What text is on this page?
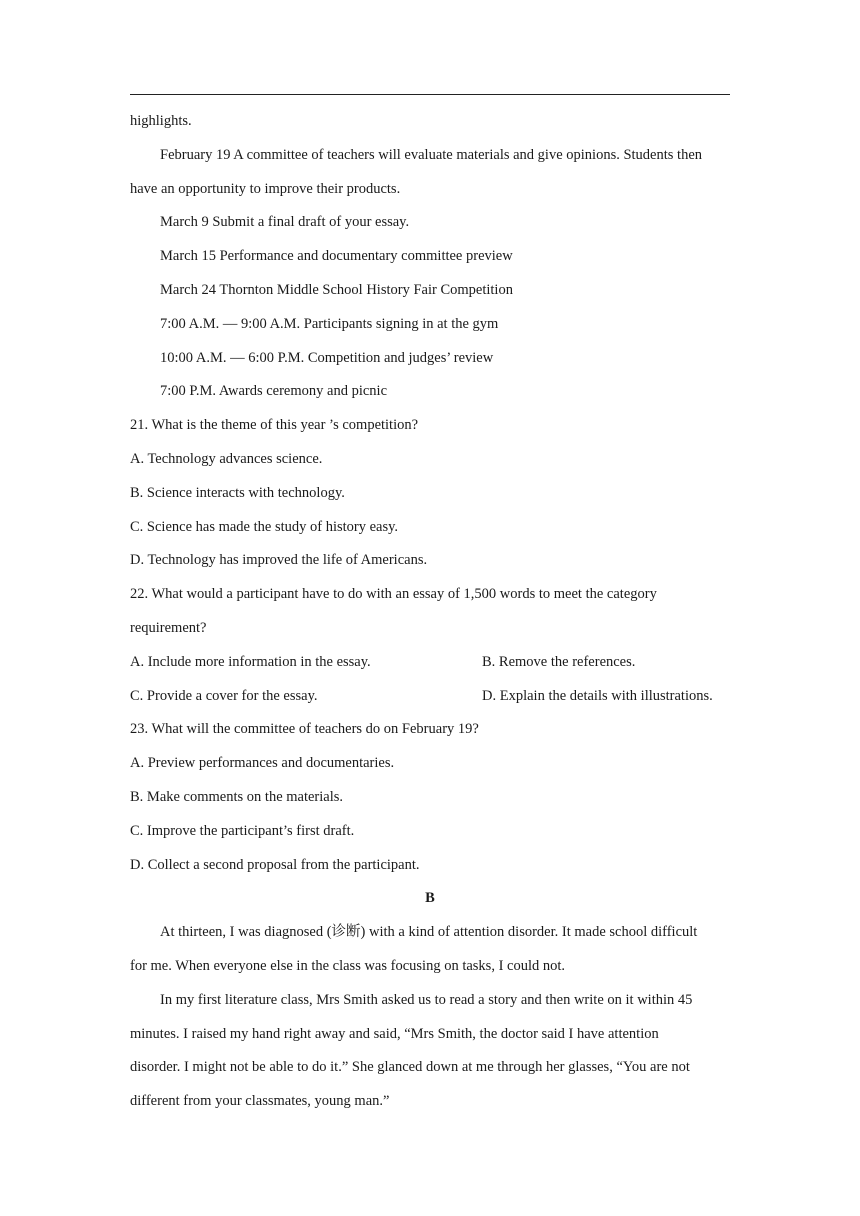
highlights.
February 19 A committee of teachers will evaluate materials and give opinions. Students then
have an opportunity to improve their products.
March 9 Submit a final draft of your essay.
March 15 Performance and documentary committee preview
March 24 Thornton Middle School History Fair Competition
7:00 A.M. — 9:00 A.M. Participants signing in at the gym
10:00 A.M. — 6:00 P.M. Competition and judges’ review
7:00 P.M. Awards ceremony and picnic
21. What is the theme of this year ’s competition?
A. Technology advances science.
B. Science interacts with technology.
C. Science has made the study of history easy.
D. Technology has improved the life of Americans.
22. What would a participant have to do with an essay of 1,500 words to meet the category
requirement?
A. Include more information in the essay.	B. Remove the references.
C. Provide a cover for the essay.	D. Explain the details with illustrations.
23. What will the committee of teachers do on February 19?
A. Preview performances and documentaries.
B. Make comments on the materials.
C. Improve the participant’s first draft.
D. Collect a second proposal from the participant.
B
At thirteen, I was diagnosed (诊断) with a kind of attention disorder. It made school difficult
for me. When everyone else in the class was focusing on tasks, I could not.
In my first literature class, Mrs Smith asked us to read a story and then write on it within 45
minutes. I raised my hand right away and said, “Mrs Smith, the doctor said I have attention
disorder. I might not be able to do it.” She glanced down at me through her glasses, “You are not
different from your classmates, young man.”
